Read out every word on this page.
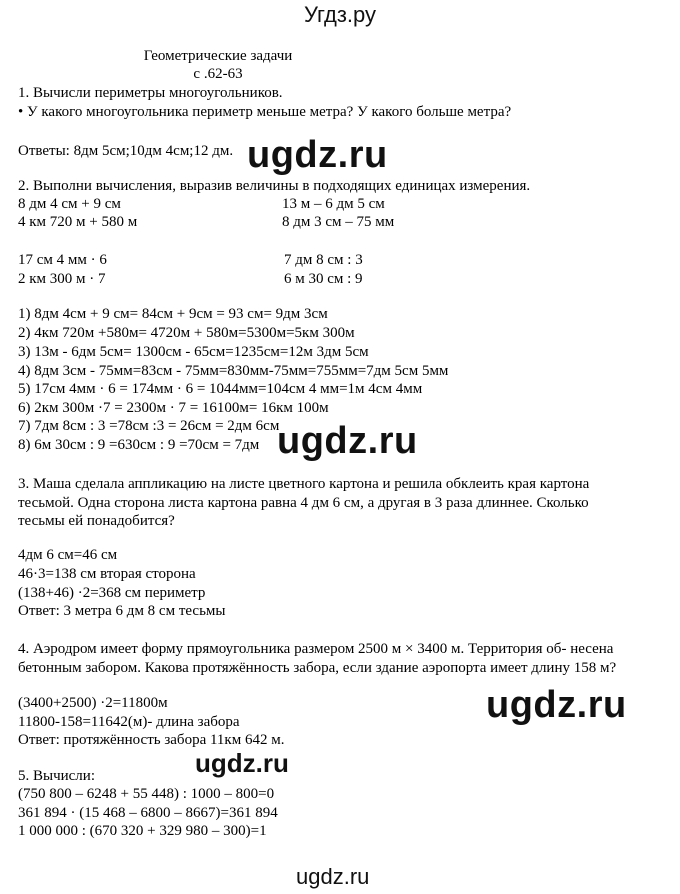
Угдз.ру
Геометрические задачи
с .62-63
1. Вычисли периметры многоугольников.
• У какого многоугольника периметр меньше метра? У какого больше метра?
Ответы: 8дм 5см;10дм 4см;12 дм.
2. Выполни вычисления, выразив величины в подходящих единицах измерения.
8 дм 4 см + 9 см	13 м – 6 дм 5 см
4 км 720 м + 580 м	8 дм 3 см – 75 мм
17 см 4 мм · 6	7 дм 8 см : 3
2 км 300 м · 7	6 м 30 см : 9
1) 8дм 4см + 9 см= 84см + 9см = 93 см= 9дм 3см
2) 4км 720м +580м= 4720м + 580м=5300м=5км 300м
3) 13м - 6дм 5см= 1300см - 65см=1235см=12м 3дм 5см
4) 8дм 3см - 75мм=83см - 75мм=830мм-75мм=755мм=7дм 5см 5мм
5) 17см 4мм · 6 = 174мм · 6 = 1044мм=104см 4 мм=1м 4см 4мм
6) 2км 300м ·7 = 2300м · 7 = 16100м= 16км 100м
7) 7дм 8см : 3 =78см :3 = 26см = 2дм 6см
8) 6м 30см : 9 =630см : 9 =70см = 7дм
3. Маша сделала аппликацию на листе цветного картона и решила обклеить края картона
тесьмой. Одна сторона листа картона равна 4 дм 6 см, а другая в 3 раза длиннее. Сколько
тесьмы ей понадобится?
4дм 6 см=46 см
46·3=138 см вторая сторона
(138+46) ·2=368 см периметр
Ответ: 3 метра 6 дм 8 см тесьмы
4. Аэродром имеет форму прямоугольника размером 2500 м × 3400 м. Территория об- несена
бетонным забором. Какова протяжённость забора, если здание аэропорта имеет длину 158 м?
(3400+2500) ·2=11800м
11800-158=11642(м)- длина забора
Ответ: протяжённость забора 11км 642 м.
5. Вычисли:
(750 800 – 6248 + 55 448) : 1000 – 800=0
361 894 · (15 468 – 6800 – 8667)=361 894
1 000 000 : (670 320 + 329 980 – 300)=1
ugdz.ru
ugdz.ru
ugdz.ru
ugdz.ru
ugdz.ru
